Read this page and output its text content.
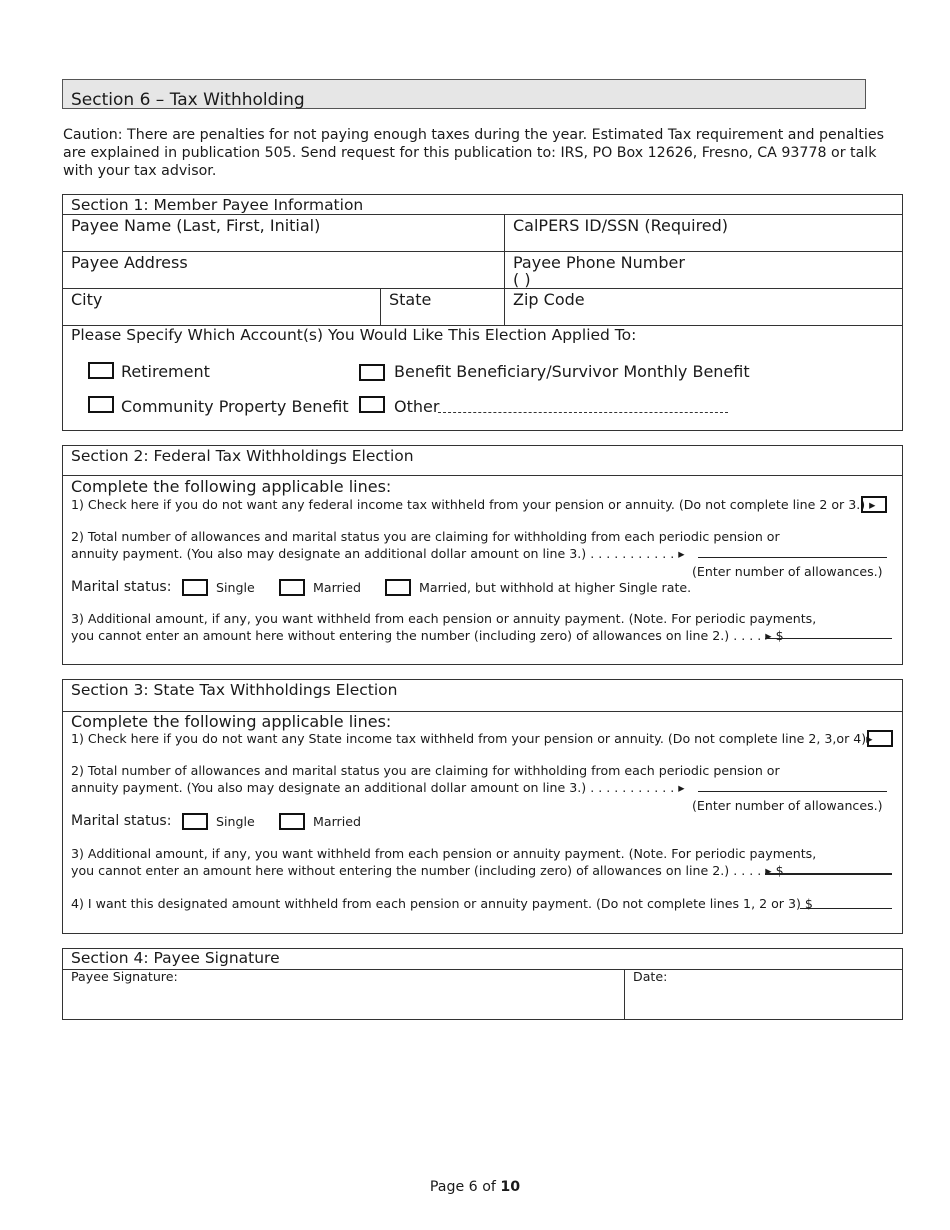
Section 6 – Tax Withholding
Caution: There are penalties for not paying enough taxes during the year. Estimated Tax requirement and penalties are explained in publication 505. Send request for this publication to: IRS, PO Box 12626, Fresno, CA 93778 or talk with your tax advisor.
Section 1: Member Payee Information
Payee Name (Last, First, Initial)	CalPERS ID/SSN (Required)
Payee Address	Payee Phone Number
( )
City	State	Zip Code
Please Specify Which Account(s) You Would Like This Election Applied To:
Retirement	Benefit Beneficiary/Survivor Monthly Benefit
Community Property Benefit	Other
Section 2: Federal Tax Withholdings Election
Complete the following applicable lines:
1) Check here if you do not want any federal income tax withheld from your pension or annuity. (Do not complete line 2 or 3.) ▸
2) Total number of allowances and marital status you are claiming for withholding from each periodic pension or
annuity payment. (You also may designate an additional dollar amount on line 3.) . . . . . . . . . . . ▸
(Enter number of allowances.)
Marital status:	Single	Married	Married, but withhold at higher Single rate.
3) Additional amount, if any, you want withheld from each pension or annuity payment. (Note. For periodic payments,
you cannot enter an amount here without entering the number (including zero) of allowances on line 2.) . . . . ▸ $
Section 3: State Tax Withholdings Election
Complete the following applicable lines:
1) Check here if you do not want any State income tax withheld from your pension or annuity. (Do not complete line 2, 3,or 4)▸
2) Total number of allowances and marital status you are claiming for withholding from each periodic pension or
annuity payment. (You also may designate an additional dollar amount on line 3.) . . . . . . . . . . . ▸
(Enter number of allowances.)
Marital status:	Single	Married
3) Additional amount, if any, you want withheld from each pension or annuity payment. (Note. For periodic payments,
you cannot enter an amount here without entering the number (including zero) of allowances on line 2.) . . . . ▸ $
4) I want this designated amount withheld from each pension or annuity payment. (Do not complete lines 1, 2 or 3) $
Section 4: Payee Signature
Payee Signature:	Date:
Page 6 of 10
